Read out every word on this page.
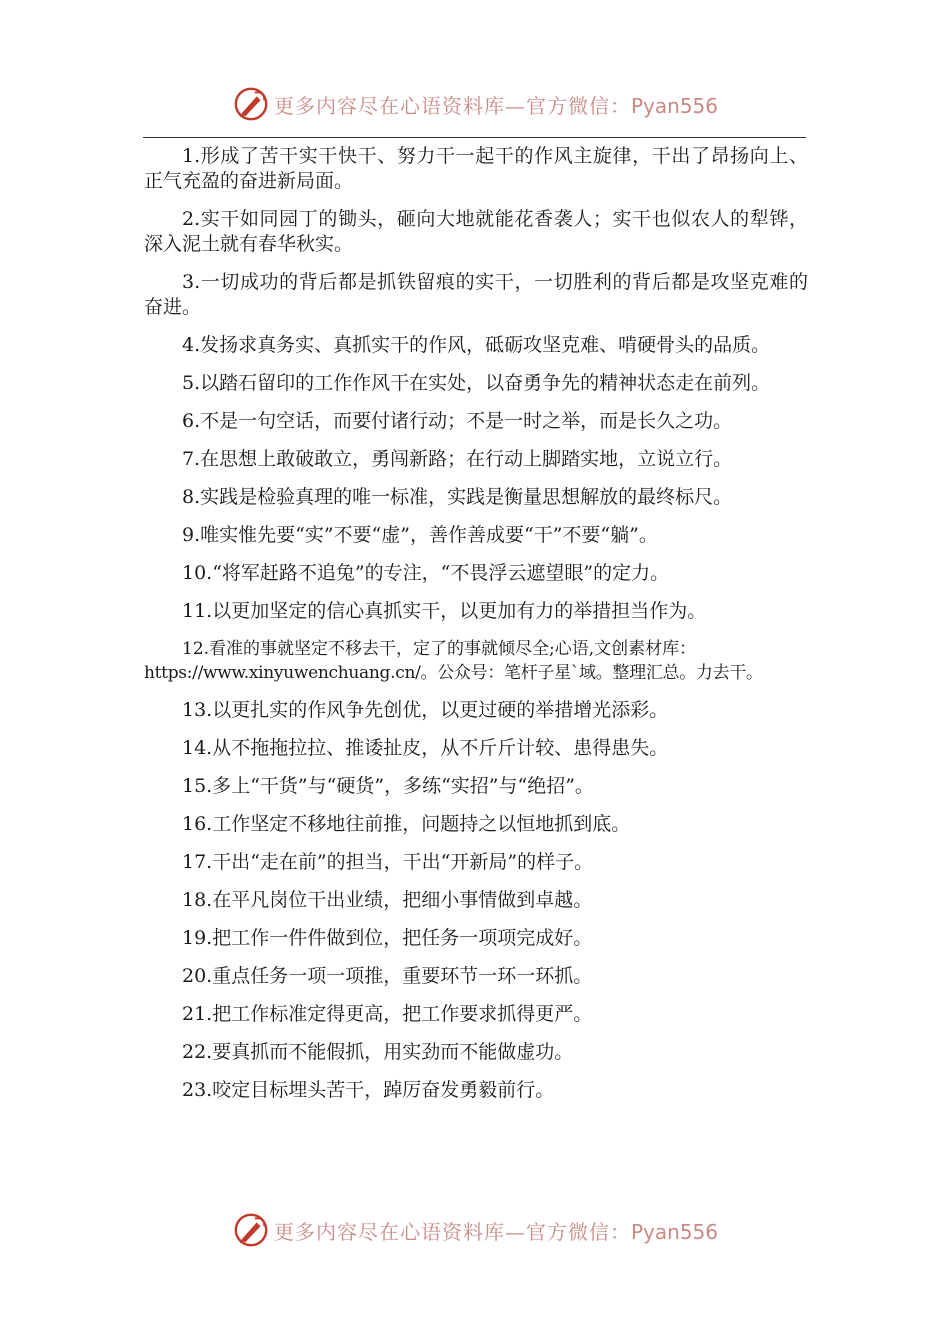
更多内容尽在心语资料库—官方微信：Pyan556

1.形成了苦干实干快干、努力干一起干的作风主旋律，干出了昂扬向上、正气充盈的奋进新局面。

2.实干如同园丁的锄头，砸向大地就能花香袭人；实干也似农人的犁铧，深入泥土就有春华秋实。

3.一切成功的背后都是抓铁留痕的实干，一切胜利的背后都是攻坚克难的奋进。

4.发扬求真务实、真抓实干的作风，砥砺攻坚克难、啃硬骨头的品质。

5.以踏石留印的工作作风干在实处，以奋勇争先的精神状态走在前列。

6.不是一句空话，而要付诸行动；不是一时之举，而是长久之功。

7.在思想上敢破敢立，勇闯新路；在行动上脚踏实地，立说立行。

8.实践是检验真理的唯一标准，实践是衡量思想解放的最终标尺。

9.唯实惟先要“实”不要“虚”，善作善成要“干”不要“躺”。

10.“将军赶路不追兔”的专注，“不畏浮云遮望眼”的定力。

11.以更加坚定的信心真抓实干，以更加有力的举措担当作为。

12.看准的事就坚定不移去干，定了的事就倾尽全;心语,文创素材库：
https://www.xinyuwenchuang.cn/。公众号：笔杆子星`域。整理汇总。力去干。

13.以更扎实的作风争先创优，以更过硬的举措增光添彩。

14.从不拖拖拉拉、推诿扯皮，从不斤斤计较、患得患失。

15.多上“干货”与“硬货”，多练“实招”与“绝招”。

16.工作坚定不移地往前推，问题持之以恒地抓到底。

17.干出“走在前”的担当，干出“开新局”的样子。

18.在平凡岗位干出业绩，把细小事情做到卓越。

19.把工作一件件做到位，把任务一项项完成好。

20.重点任务一项一项推，重要环节一环一环抓。

21.把工作标准定得更高，把工作要求抓得更严。

22.要真抓而不能假抓，用实劲而不能做虚功。

23.咬定目标埋头苦干，踔厉奋发勇毅前行。

更多内容尽在心语资料库—官方微信：Pyan556
